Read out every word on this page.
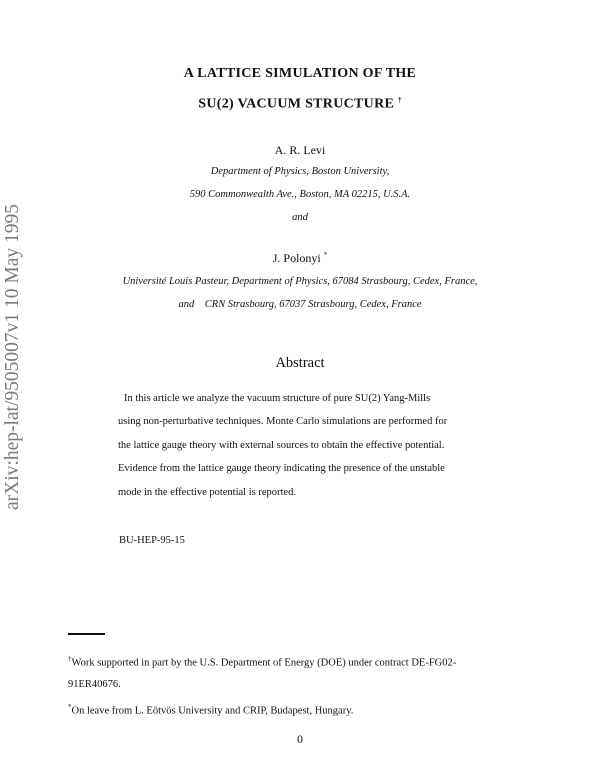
arXiv:hep-lat/9505007v1 10 May 1995
A LATTICE SIMULATION OF THE
SU(2) VACUUM STRUCTURE †
A. R. Levi
Department of Physics, Boston University,
590 Commonwealth Ave., Boston, MA 02215, U.S.A.
and
J. Polonyi *
Université Louis Pasteur, Department of Physics, 67084 Strasbourg, Cedex, France,
and    CRN Strasbourg, 67037 Strasbourg, Cedex, France
Abstract
In this article we analyze the vacuum structure of pure SU(2) Yang-Mills
using non-perturbative techniques. Monte Carlo simulations are performed for
the lattice gauge theory with external sources to obtain the effective potential.
Evidence from the lattice gauge theory indicating the presence of the unstable
mode in the effective potential is reported.
BU-HEP-95-15
†Work supported in part by the U.S. Department of Energy (DOE) under contract DE-FG02-
91ER40676.
*On leave from L. Eötvös University and CRIP, Budapest, Hungary.
0
